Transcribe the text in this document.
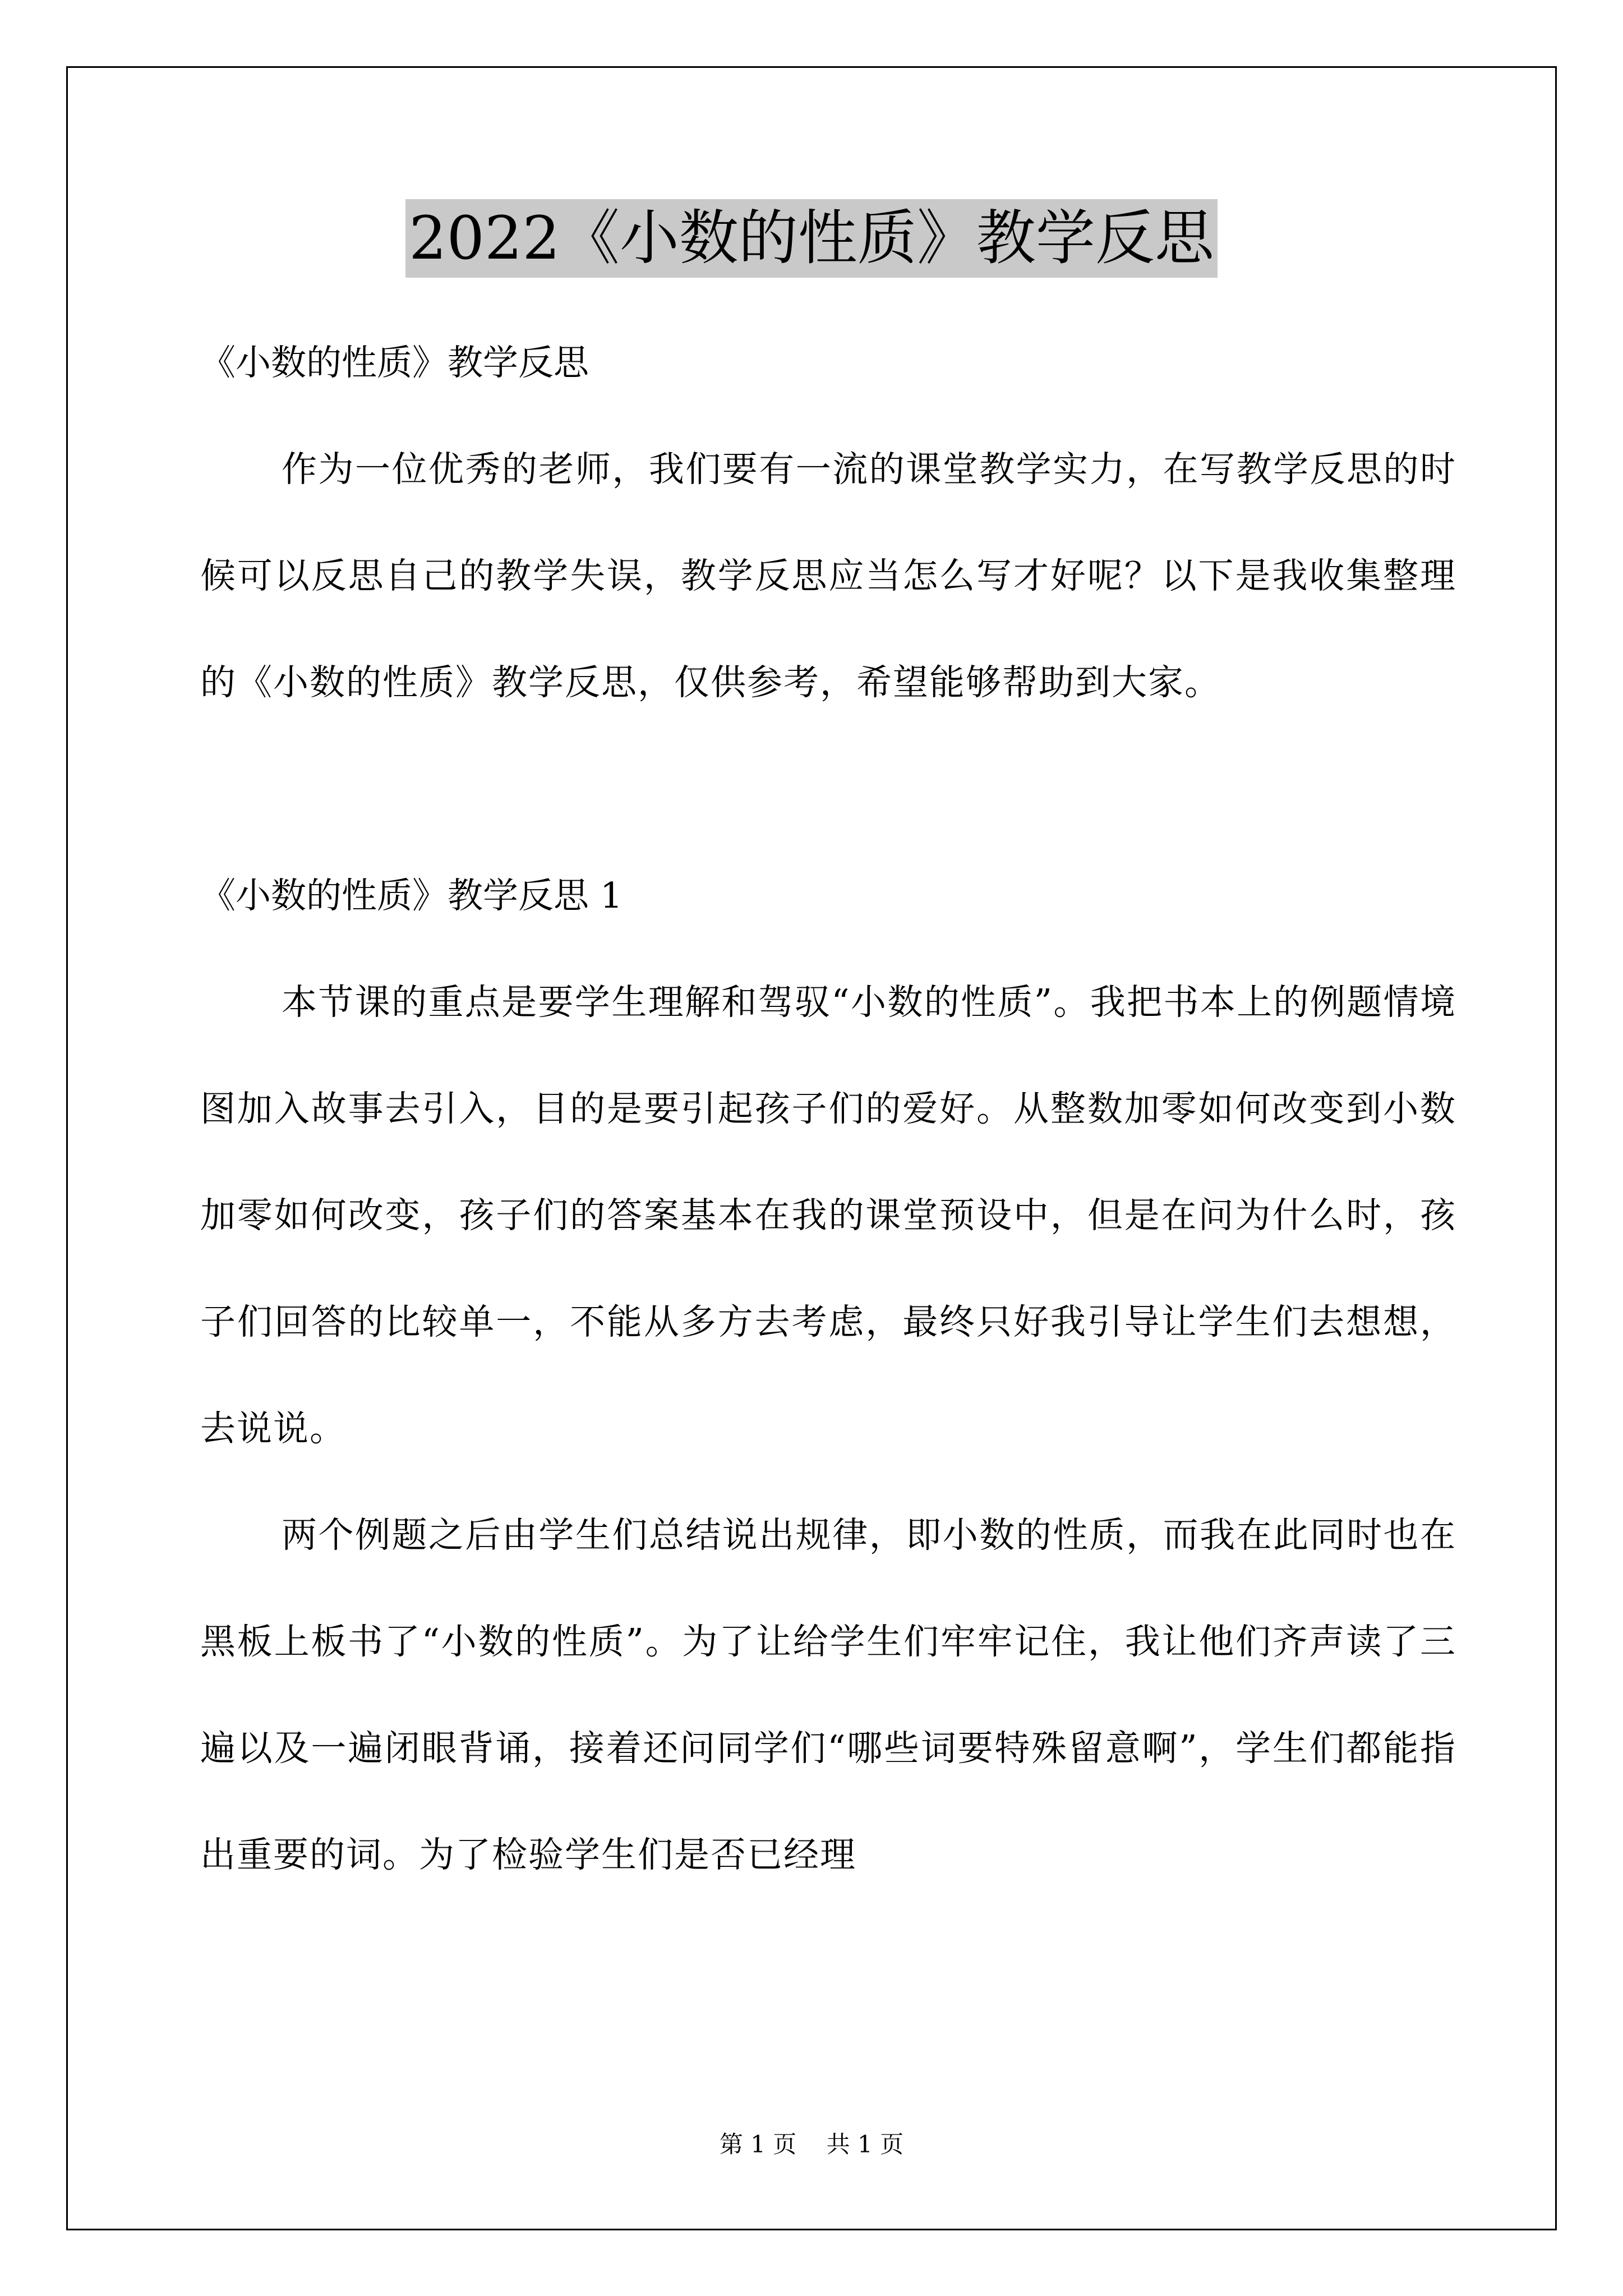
2022《小数的性质》教学反思

《小数的性质》教学反思

作为一位优秀的老师，我们要有一流的课堂教学实力，在写教学反思的时候可以反思自己的教学失误，教学反思应当怎么写才好呢？以下是我收集整理的《小数的性质》教学反思，仅供参考，希望能够帮助到大家。

《小数的性质》教学反思 1

本节课的重点是要学生理解和驾驭“小数的性质”。我把书本上的例题情境图加入故事去引入，目的是要引起孩子们的爱好。从整数加零如何改变到小数加零如何改变，孩子们的答案基本在我的课堂预设中，但是在问为什么时，孩子们回答的比较单一，不能从多方去考虑，最终只好我引导让学生们去想想，去说说。

两个例题之后由学生们总结说出规律，即小数的性质，而我在此同时也在黑板上板书了“小数的性质”。为了让给学生们牢牢记住，我让他们齐声读了三遍以及一遍闭眼背诵，接着还问同学们“哪些词要特殊留意啊”，学生们都能指出重要的词。为了检验学生们是否已经理

第 1 页 共 1 页
